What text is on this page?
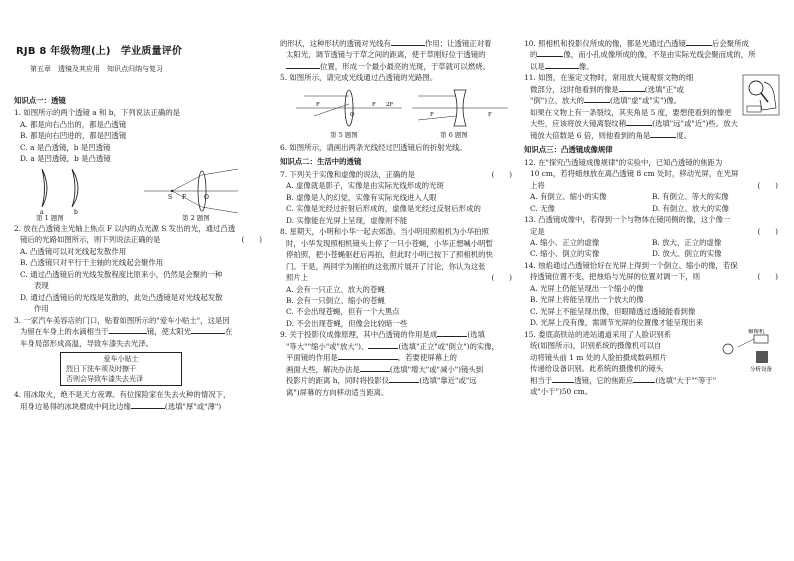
RJB 8 年级物理(上)　学业质量评价
第五章　透镜及其应用　知识点归纳与复习
知识点一：透镜
1. 如图所示的两个透镜 a 和 b，下列说法正确的是
A. 都是向右凸出的，都是凸透镜
B. 都是向右凹进的，都是凹透镜
C. a 是凸透镜，b 是凹透镜
D. a 是凹透镜，b 是凸透镜
a	b
S F	O
第 1 题图	第 2 题图
2. 放在凸透镜主光轴上焦点 F 以内的点光源 S 发出的光，通过凸透
镜后的光路如图所示，则下列说法正确的是	(　　)
A. 凸透镜可以对光线起发散作用
B. 凸透镜只对平行于主轴的光线起会聚作用
C. 通过凸透镜后的光线发散程度比原来小，仍然是会聚的一种
表现
D. 通过凸透镜后的光线是发散的，此处凸透镜是对光线起发散
作用
3. 一家汽车美容店的门口，贴着如图所示的"爱车小贴士"，这是因
为留在车身上的水滴相当于	镜，使太阳光	在
车身局部形成高温，导致车漆失去光泽。
爱车小贴士
烈日下洗车须及时擦干
否则会导致车漆失去光泽
4. 用冰取火，绝不是天方夜谭。有位探险家在失去火种的情况下，
用身边易得的冰块磨成中间比边缘	(选填"厚"或"薄")
的形状，这种形状的透镜对光线有	作用；让透镜正对着
太阳光，调节透镜与干草之间的距离，使干草刚好位于透镜的
位置，形成一个最小最亮的光斑，于草就可以燃烧。
5. 如图所示，请完成光线通过凸透镜的光路图。
F
O
F 2F
F	F
第 5 题图	第 6 题图
6. 如图所示，请画出两条光线经过凹透镜后的折射光线。
知识点二：生活中的透镜
7. 下列关于实像和虚像的说法，正确的是	(　　)
A. 虚像就是影子，实像是由实际光线形成的光斑
B. 虚像是人的幻觉，实像有实际光线进入人眼
C. 实像是光经过折射后形成的，虚像是光经过反射后形成的
D. 实像能在光屏上呈现，虚像则不能
8. 星期天，小明和小华一起去郊游。当小明用照相机为小华拍照
时，小华发现照相机镜头上停了一只小苍蝇，小华正想喊小明暂
停拍照，把小苍蝇驱赶后再拍，但此时小明已按下了照相机的快
门。于是，两同学为刚拍的这张照片展开了讨论，你认为这张
照片上	(　　)
A. 会有一只正立、放大的苍蝇
B. 会有一只倒立、缩小的苍蝇
C. 不会出现苍蝇，但有一个大黑点
D. 不会出现苍蝇，但像会比较暗一些
9. 关于投影仪成像原理，其中凸透镜的作用是成	(选填
"等大""缩小"或"放大")、	(选填"正立"或"倒立")的实像，
平面镜的作用是	。若要使屏幕上的
画面大些，解决办法是	(选填"增大"或"减小")镜头到
投影片的距离 h，同时将投影仪	(选填"靠近"或"远
离")屏幕的方向移动适当距离。
10. 照相机和投影仪所成的像，都是光通过凸透镜	后会聚所成
的	像，而小孔成像所成的像，不是由实际光线会聚而成的，所
以是	像。
11. 如图，在鉴定文物时，常用放大镜观察文物的细
微部分，这时他看到的像是	(选填"正"或
"倒")立、放大的	(选填"虚"或"实")像。
如果在文物上有一条裂纹，其夹角是 5 度，要想使看到的像更
大些，应该将放大镜离裂纹稍	(选填"远"或"近")些。放大
镜放大倍数是 6 倍，则他看到的角是	度。
知识点三：凸透镜成像规律
12. 在"探究凸透镜成像规律"的实验中，已知凸透镜的焦距为
10 cm，若将蜡烛放在离凸透镜 8 cm 处时，移动光屏，在光屏
上将	(　　)
A. 有倒立、缩小的实像	B. 有倒立、等大的实像
C. 无像	D. 有倒立、放大的实像
13. 凸透镜成像中，若得到一个与物体在镜同侧的像，这个像一
定是	(　　)
A. 缩小、正立的虚像	B. 放大、正立的虚像
C. 缩小、倒立的实像	D. 放大、倒立的实像
14. 烛焰通过凸透镜恰好在光屏上得到一个倒立、缩小的像，若保
持透镜位置不变，把烛焰与光屏的位置对调一下，则	(　　)
A. 光屏上仍能呈现出一个缩小的像
B. 光屏上将能呈现出一个放大的像
C. 光屏上不能呈现出像，但眼睛透过透镜能看到像
D. 光屏上没有像，需调节光屏的位置像才能呈现出来
摄像机
分析设备
15. 娄底高铁站的进站通道采用了人脸识别系
统(如图所示)，识别系统的摄像机可以自
动将镜头前 1 m 处的人脸拍摄成数码照片
传递给设备识别。此系统的摄像机的镜头
相当于	透镜，它的焦距应	(选填"大于""等于"
或"小于")50 cm。
